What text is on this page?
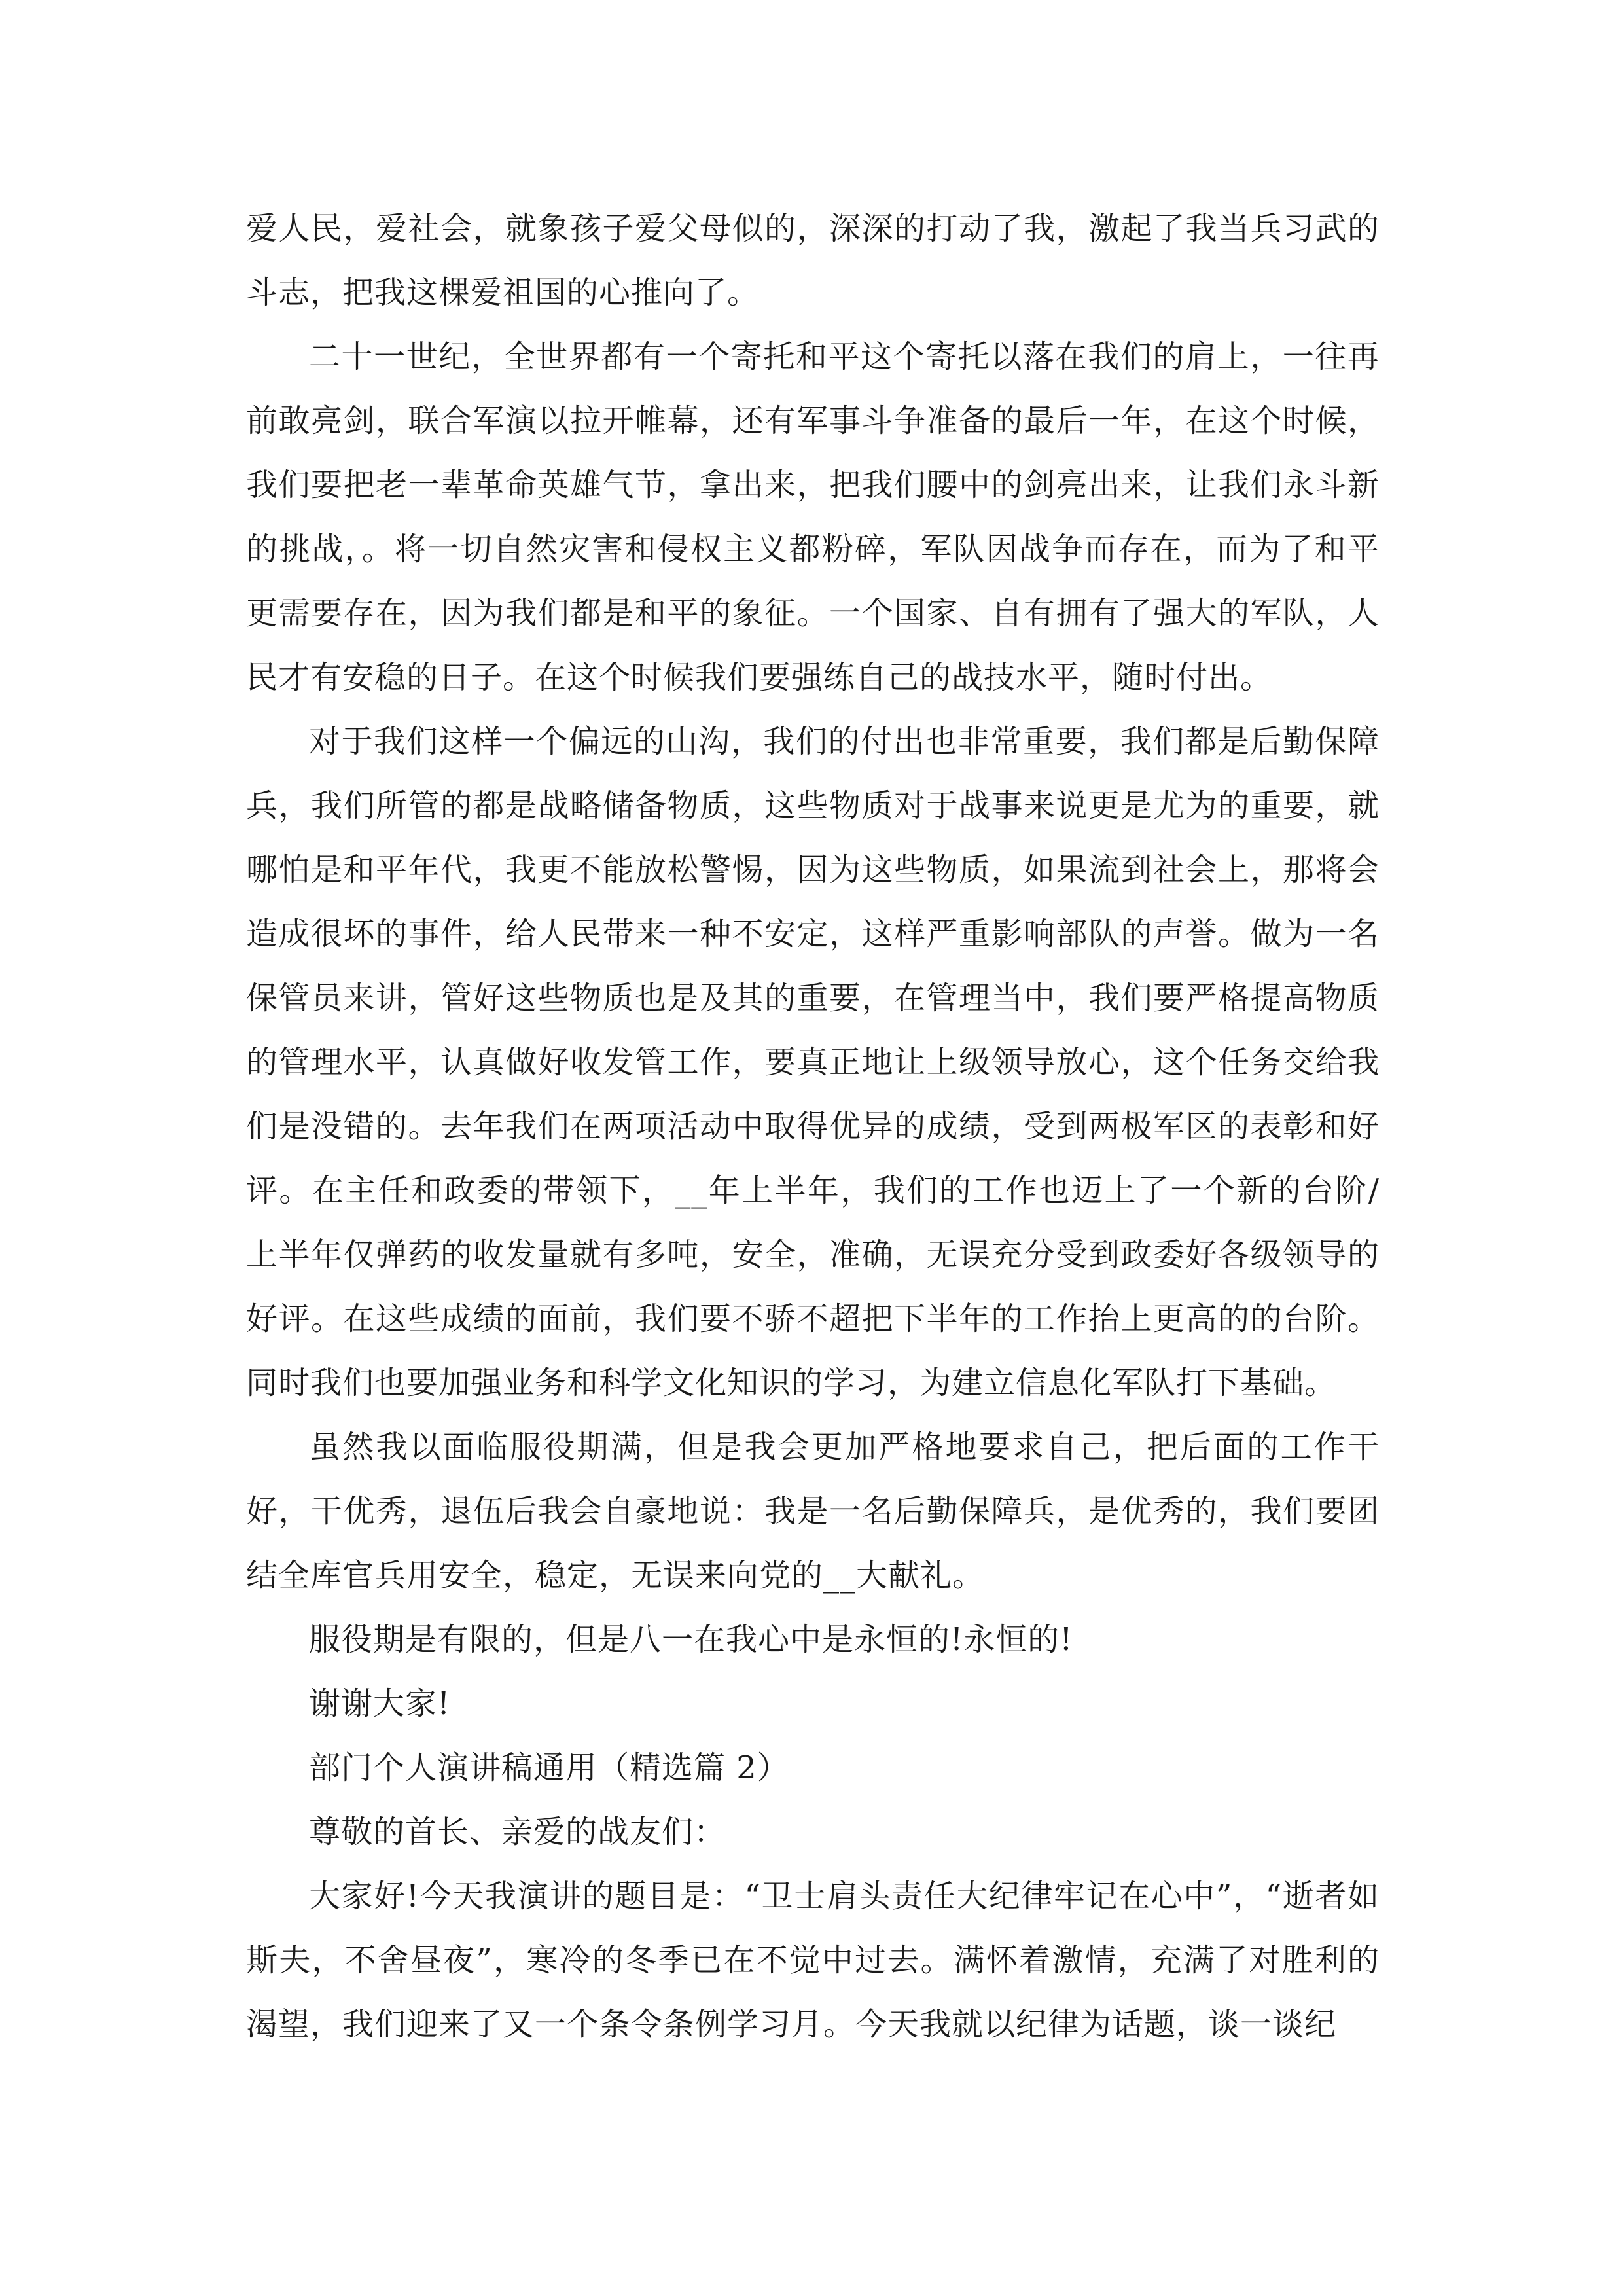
爱人民，爱社会，就象孩子爱父母似的，深深的打动了我，激起了我当兵习武的斗志，把我这棵爱祖国的心推向了。

二十一世纪，全世界都有一个寄托和平这个寄托以落在我们的肩上，一往再前敢亮剑，联合军演以拉开帷幕，还有军事斗争准备的最后一年，在这个时候，我们要把老一辈革命英雄气节，拿出来，把我们腰中的剑亮出来，让我们永斗新的挑战，。将一切自然灾害和侵权主义都粉碎，军队因战争而存在，而为了和平更需要存在，因为我们都是和平的象征。一个国家、自有拥有了强大的军队，人民才有安稳的日子。在这个时候我们要强练自己的战技水平，随时付出。

对于我们这样一个偏远的山沟，我们的付出也非常重要，我们都是后勤保障兵，我们所管的都是战略储备物质，这些物质对于战事来说更是尤为的重要，就哪怕是和平年代，我更不能放松警惕，因为这些物质，如果流到社会上，那将会造成很坏的事件，给人民带来一种不安定，这样严重影响部队的声誉。做为一名保管员来讲，管好这些物质也是及其的重要，在管理当中，我们要严格提高物质的管理水平，认真做好收发管工作，要真正地让上级领导放心，这个任务交给我们是没错的。去年我们在两项活动中取得优异的成绩，受到两极军区的表彰和好评。在主任和政委的带领下，__年上半年，我们的工作也迈上了一个新的台阶/上半年仅弹药的收发量就有多吨，安全，准确，无误充分受到政委好各级领导的好评。在这些成绩的面前，我们要不骄不超把下半年的工作抬上更高的的台阶。同时我们也要加强业务和科学文化知识的学习，为建立信息化军队打下基础。

虽然我以面临服役期满，但是我会更加严格地要求自己，把后面的工作干好，干优秀，退伍后我会自豪地说：我是一名后勤保障兵，是优秀的，我们要团结全库官兵用安全，稳定，无误来向党的__大献礼。

服役期是有限的，但是八一在我心中是永恒的!永恒的!

谢谢大家!

部门个人演讲稿通用（精选篇 2）

尊敬的首长、亲爱的战友们：

大家好!今天我演讲的题目是：“卫士肩头责任大纪律牢记在心中”，“逝者如斯夫，不舍昼夜”，寒冷的冬季已在不觉中过去。满怀着激情，充满了对胜利的渴望，我们迎来了又一个条令条例学习月。今天我就以纪律为话题，谈一谈纪
